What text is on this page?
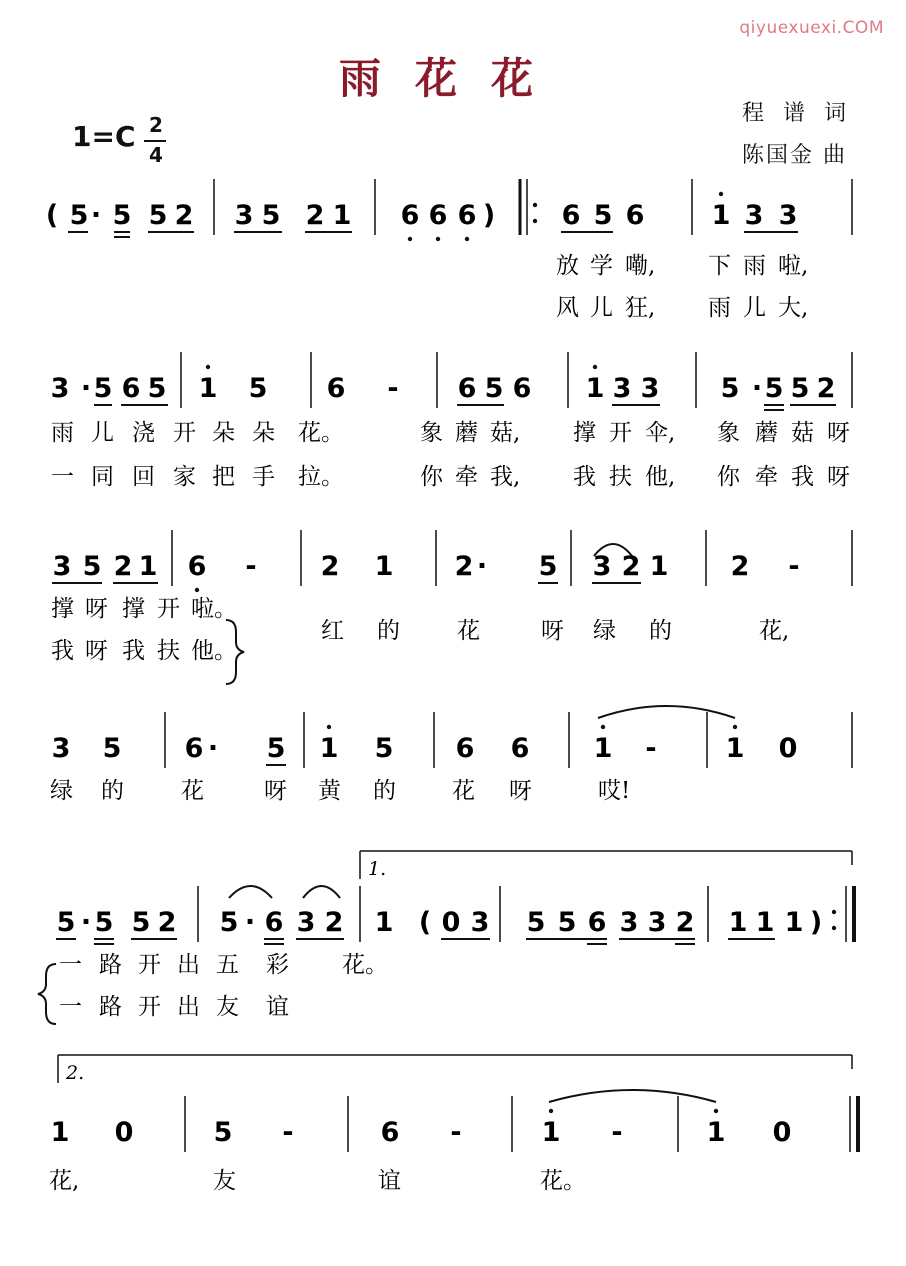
qiyuexuexi.COM
雨花花
程 谱 词
陈国金 曲
1=C 2
4
( 5 · 5 5 2 3 5 2 1 6 6 6 ) 6 5 6 1 3 3
放 学 嘞, 下 雨 啦,
风 儿 狂, 雨 儿 大,
3 · 5 6 5 1 5 6 - 6 5 6 1 3 3 5 · 5 5 2
雨 儿 浇 开 朵 朵 花。	象 蘑 菇, 撑 开 伞, 象 蘑 菇 呀
一 同 回 家 把 手 拉。	你 牵 我, 我 扶 他, 你 牵 我 呀
3 5 2 1 6 - 2 1 2 · 5 3 2 1 2 -
撑 呀 撑 开 啦。
我 呀 我 扶 他。
红 的 花	呀 绿 的	花,
3 5 6 · 5 1 5 6 6 1 -	1 0
绿 的 花	呀 黄 的 花 呀	哎!
5 · 5 5 2 5 · 6 3 2 1 ( 0 3 5 5 6 3 3 2 1 1 1 )
一 路 开 出 五 彩 花。
一 路 开 出 友 谊
1.
1 0	5 -	6 -	1 -	1 0
花,	友	谊	花。
2.
